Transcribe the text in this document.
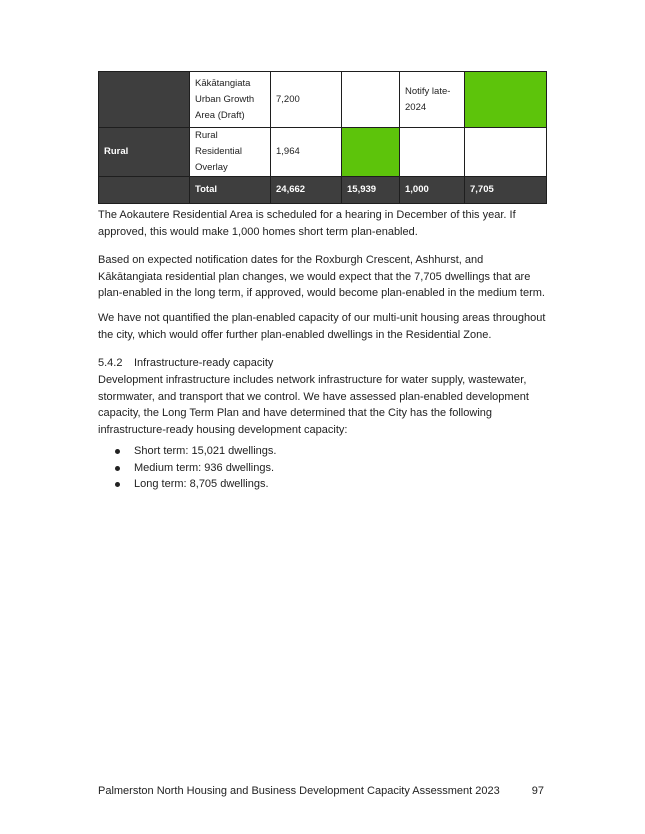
	Kākātangiata Urban Growth Area (Draft)	7,200		Notify late-2024	
Rural	Rural Residential Overlay	1,964			
	Total	24,662	15,939	1,000	7,705

The Aokautere Residential Area is scheduled for a hearing in December of this year. If approved, this would make 1,000 homes short term plan-enabled.

Based on expected notification dates for the Roxburgh Crescent, Ashhurst, and Kākātangiata residential plan changes, we would expect that the 7,705 dwellings that are plan-enabled in the long term, if approved, would become plan-enabled in the medium term.

We have not quantified the plan-enabled capacity of our multi-unit housing areas throughout the city, which would offer further plan-enabled dwellings in the Residential Zone.

5.4.2 Infrastructure-ready capacity

Development infrastructure includes network infrastructure for water supply, wastewater, stormwater, and transport that we control. We have assessed plan-enabled development capacity, the Long Term Plan and have determined that the City has the following infrastructure-ready housing development capacity:

Short term: 15,021 dwellings.
Medium term: 936 dwellings.
Long term: 8,705 dwellings.
Palmerston North Housing and Business Development Capacity Assessment 2023	97
